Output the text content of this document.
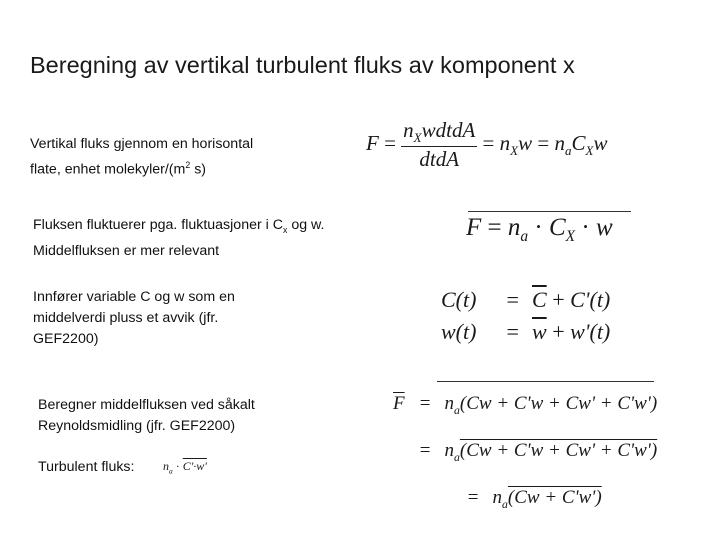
Beregning av vertikal turbulent fluks av komponent x
Vertikal fluks gjennom en horisontal
flate, enhet molekyler/($m^2$ s)
$F = \frac{n_XwdtdA}{\text{dtdA}} = n_Xw = n_aC_Xw$
Fluksen fluktuerer pga. fluktuasjoner i $C_x$ og w.
Middelfluksen er mer relevant
$F = n_a \cdot C_X \cdot w$
Innfører variable C og w som en
middelverdi pluss et avvik (jfr.
GEF2200)
$C(t) = \overline{C} + C'(t)$
$w(t) = \overline{w} + w'(t)$
Beregner middelfluksen ved såkalt
Reynoldsmidling (jfr. GEF2200)
Turbulent fluks: $n_a \cdot C'\cdot w'$
$\overline{F} = n_a(Cw + C'w + Cw' + C'w')$
= $n_a(Cw + C'w + Cw' + C'w')$
= $n_a(Cw + C'w')$
